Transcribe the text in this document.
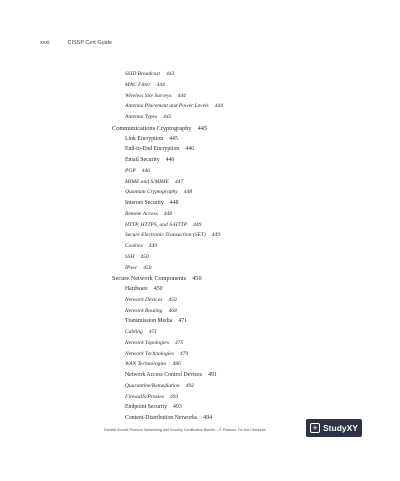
xxxi	CISSP Cert Guide
SSID Broadcast 443
MAC Filter 444
Wireless Site Surveys 444
Antenna Placement and Power Levels 444
Antenna Types 445
Communications Cryptography 445
Link Encryption 445
End-to-End Encryption 446
Email Security 446
PGP 446
MIME and S/MIME 447
Quantum Cryptography 448
Internet Security 448
Remote Access 448
HTTP, HTTPS, and S-HTTP 449
Secure Electronic Transaction (SET) 449
Cookies 449
SSH 450
IPsec 450
Secure Network Components 450
Hardware 450
Network Devices 450
Network Routing 468
Transmission Media 471
Cabling 471
Network Topologies 475
Network Technologies 479
WAN Technologies 486
Network Access Control Devices 491
Quarantine/Remediation 492
Firewalls/Proxies 493
Endpoint Security 493
Content-Distribution Networks 494
Humble Bundle Pearson Networking and Security Certification Bundle – © Pearson. Do Not Distribute.	+ StudyXY
